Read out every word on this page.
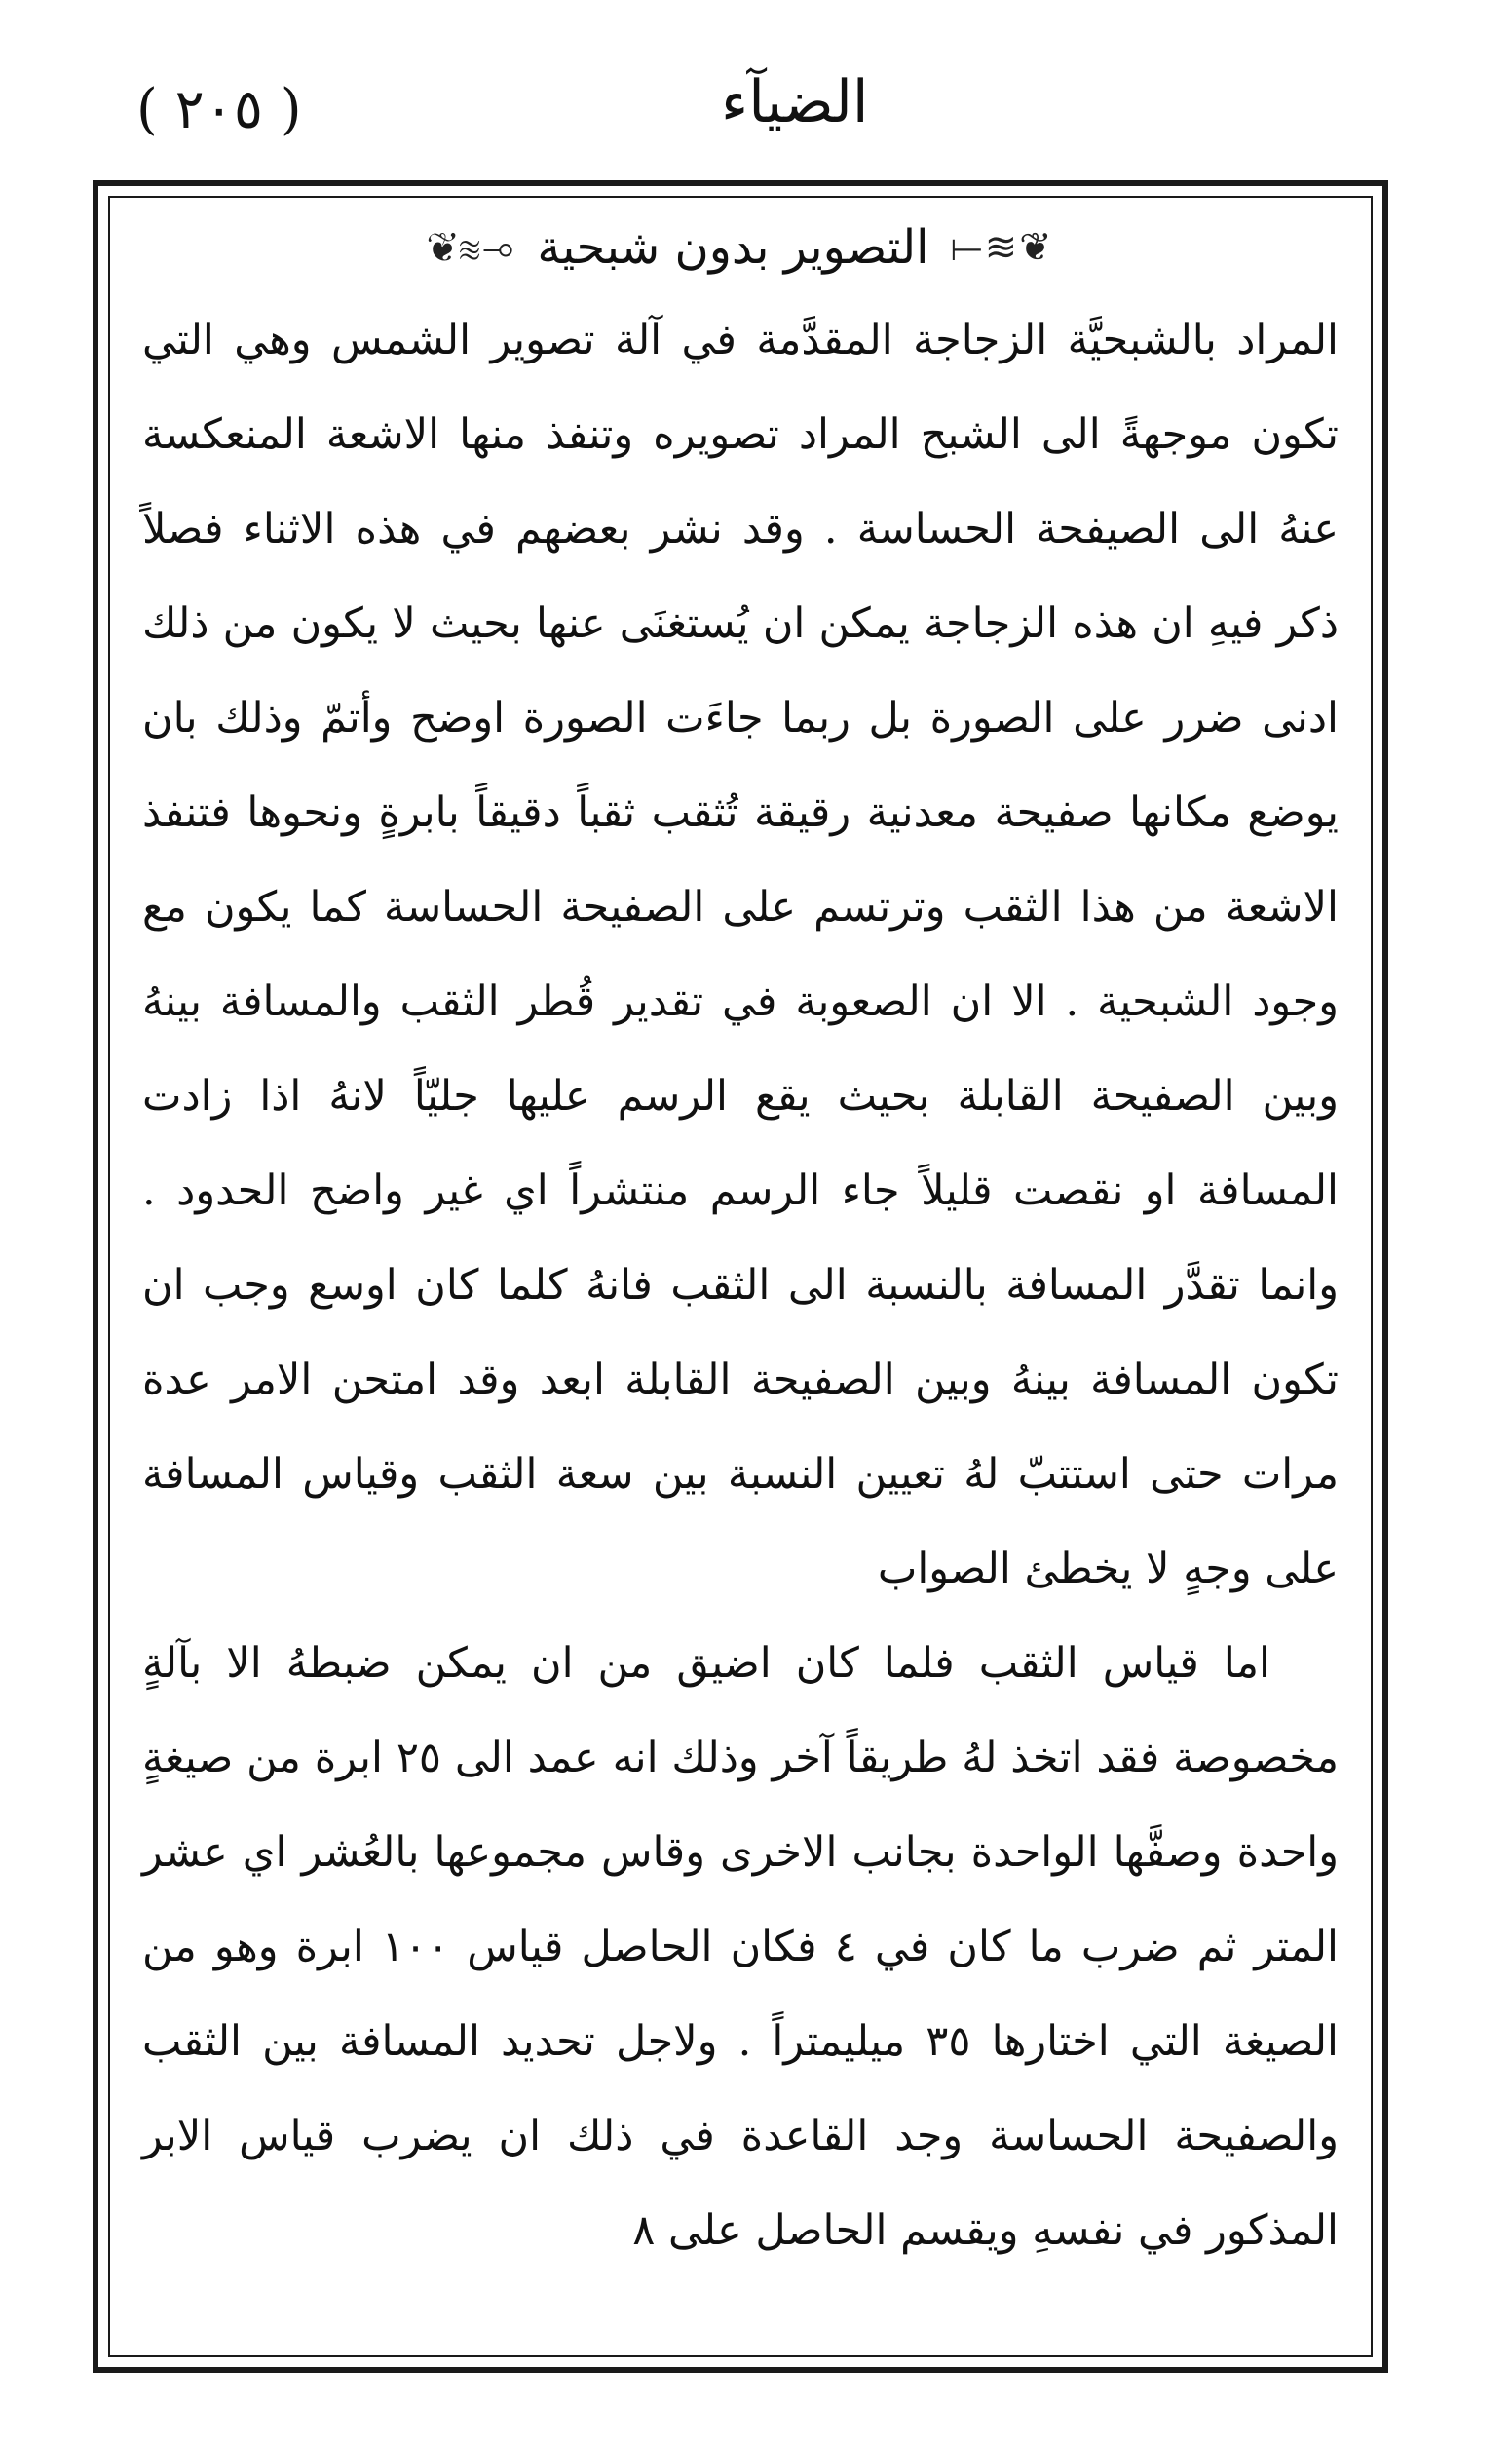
( ٢٠٥ )	الضيآء
❦≋⟞
التصوير بدون شبحية
⟜≋❦

المراد بالشبحيَّة الزجاجة المقدَّمة في آلة تصوير الشمس وهي التي تكون موجهةً الى الشبح المراد تصويره وتنفذ منها الاشعة المنعكسة عنهُ الى الصيفحة الحساسة . وقد نشر بعضهم في هذه الاثناء فصلاً ذكر فيهِ ان هذه الزجاجة يمكن ان يُستغنَى عنها بحيث لا يكون من ذلك ادنى ضرر على الصورة بل ربما جاءَت الصورة اوضح وأتمّ وذلك بان يوضع مكانها صفيحة معدنية رقيقة تُثقب ثقباً دقيقاً بابرةٍ ونحوها فتنفذ الاشعة من هذا الثقب وترتسم على الصفيحة الحساسة كما يكون مع وجود الشبحية . الا ان الصعوبة في تقدير قُطر الثقب والمسافة بينهُ وبين الصفيحة القابلة بحيث يقع الرسم عليها جليّاً لانهُ اذا زادت المسافة او نقصت قليلاً جاء الرسم منتشراً اي غير واضح الحدود . وانما تقدَّر المسافة بالنسبة الى الثقب فانهُ كلما كان اوسع وجب ان تكون المسافة بينهُ وبين الصفيحة القابلة ابعد وقد امتحن الامر عدة مرات حتى استتبّ لهُ تعيين النسبة بين سعة الثقب وقياس المسافة على وجهٍ لا يخطئ الصواب

اما قياس الثقب فلما كان اضيق من ان يمكن ضبطهُ الا بآلةٍ مخصوصة فقد اتخذ لهُ طريقاً آخر وذلك انه عمد الى ٢٥ ابرة من صيغةٍ واحدة وصفَّها الواحدة بجانب الاخرى وقاس مجموعها بالعُشر اي عشر المتر ثم ضرب ما كان في ٤ فكان الحاصل قياس ١٠٠ ابرة وهو من الصيغة التي اختارها ٣٥ ميليمتراً . ولاجل تحديد المسافة بين الثقب والصفيحة الحساسة وجد القاعدة في ذلك ان يضرب قياس الابر المذكور في نفسهِ ويقسم الحاصل على ٨
